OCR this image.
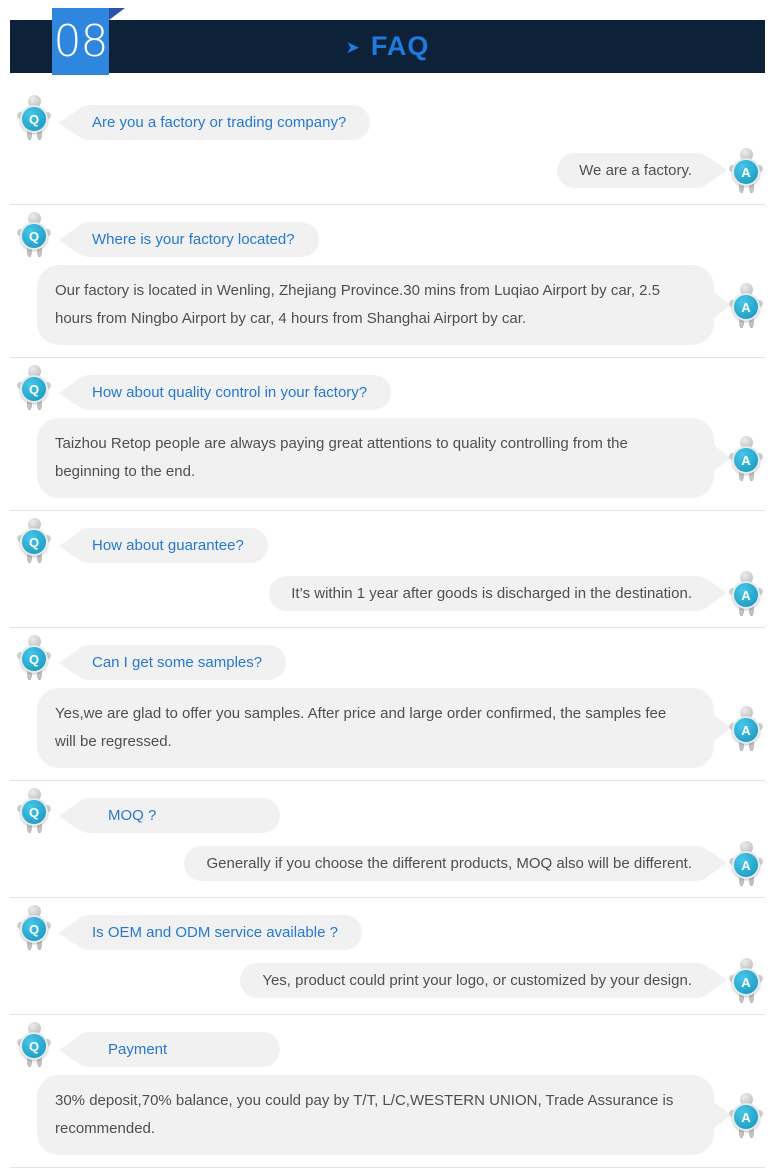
08	➤ FAQ
Q	Are you a factory or trading company?
We are a factory.	A
Q	Where is your factory located?
Our factory is located in Wenling, Zhejiang Province.30 mins from Luqiao Airport by car, 2.5 hours from Ningbo Airport by car, 4 hours from Shanghai Airport by car.
A
Q	How about quality control in your factory?
Taizhou Retop people are always paying great attentions to quality controlling from the beginning to the end.
A
Q	How about guarantee?
It’s within 1 year after goods is discharged in the destination.	A
Q	Can I get some samples?
Yes,we are glad to offer you samples. After price and large order confirmed, the samples fee will be regressed.
A
Q	MOQ ?
Generally if you choose the different products, MOQ also will be different.	A
Q	Is OEM and ODM service available ?
Yes, product could print your logo, or customized by your design.	A
Q	Payment
30% deposit,70% balance, you could pay by T/T, L/C,WESTERN UNION, Trade Assurance is recommended.
A
